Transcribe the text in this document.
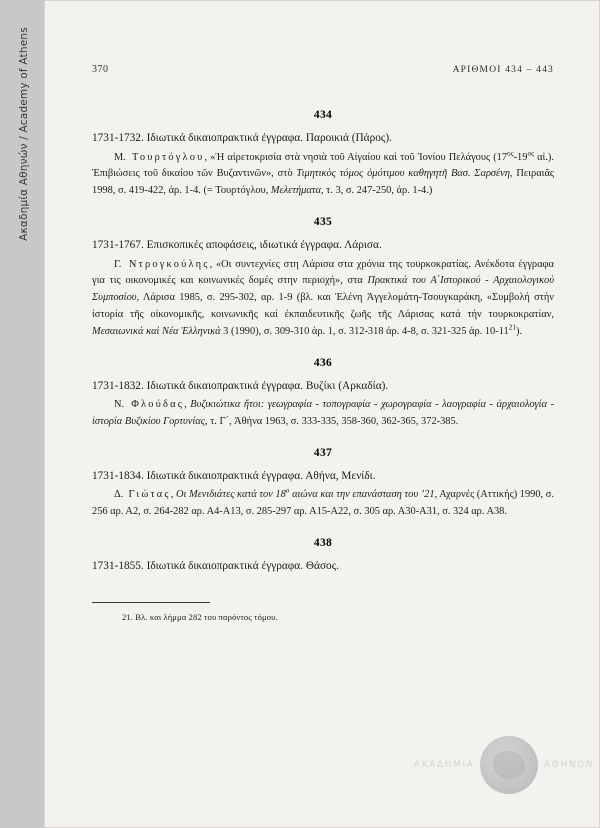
Ακαδημία Αθηνών / Academy of Athens	370	ΑΡΙΘΜΟΙ 434 – 443
434
1731-1732. Ιδιωτικά δικαιοπρακτικά έγγραφα. Παροικιά (Πάρος).
Μ.  Τουρτόγλου, «Ἡ αἱρετοκρισία στὰ νησιὰ τοῦ Αἰγαίου καὶ τοῦ Ἰονίου Πελάγους ($17^{o\varsigma}-19^{o\varsigma}$ αἰ.). Ἐπιβιώσεις τοῦ δικαίου τῶν Βυζαντινῶν», στὸ Τιμητικὸς τόμος ὁμότιμου καθηγητῆ Βασ. Σαρσένη, Πειραιᾶς 1998, σ. 419-422, ἀρ. 1-4. (= Τουρτόγλου, Μελετήματα, τ. 3, σ. 247-250, ἀρ. 1-4.)
435
1731-1767. Επισκοπικές αποφάσεις, ιδιωτικά έγγραφα. Λάρισα.
Γ.  Ντρογκούλης, «Οι συντεχνίες στη Λάρισα στα χρόνια της τουρκοκρατίας. Ανέκδοτα έγγραφα για τις οικονομικές και κοινωνικές δομές στην περιοχή», στα Πρακτικά του Α΄Ιστορικού - Αρχαιολογικού Συμποσίου, Λάρισα 1985, σ. 295-302, αρ. 1-9 (βλ. και Ἑλένη Ἀγγελομάτη-Τσουγκαράκη, «Συμβολή στήν ἱστορία τῆς οἰκονομικῆς, κοινωνικῆς καί ἐκπαιδευτικῆς ζωῆς τῆς Λάρισας κατά τήν τουρκοκρατίαν, Μεσαιωνικά καὶ Νέα Ἑλληνικά 3 (1990), σ. 309-310 ἀρ. 1, σ. 312-318 ἀρ. 4-8, σ. 321-325 ἀρ. $10-11^{21}$).
436
1731-1832. Ιδιωτικά δικαιοπρακτικά έγγραφα. Βυζίκι (Αρκαδία).
Ν.  Φλούδας, Βυζικιώτικα ἤτοι: γεωγραφία - τοπογραφία - χωρογραφία - λαογραφία - ἀρχαιολογία - ἱστορία Βυζικίου Γορτυνίας, τ. Γ΄, Ἀθήνα 1963, σ. 333-335, 358-360, 362-365, 372-385.
437
1731-1834. Ιδιωτικά δικαιοπρακτικά έγγραφα. Αθήνα, Μενίδι.
Δ.  Γιώτας, Οι Μενιδιάτες κατά τον $18^o$ αιώνα και την επανάσταση του ’21, Αχαρνές (Αττικής) 1990, σ. 256 αρ. Α2, σ. 264-282 αρ. Α4-Α13, σ. 285-297 αρ. Α15-Α22, σ. 305 αρ. Α30-Α31, σ. 324 αρ. Α38.
438
1731-1855. Ιδιωτικά δικαιοπρακτικά έγγραφα. Θάσος.
21. Βλ. και λήμμα 282 του παρόντος τόμου.
ΑΚΑΔΗΜΙΑ	ΑΘΗΝΩΝ
